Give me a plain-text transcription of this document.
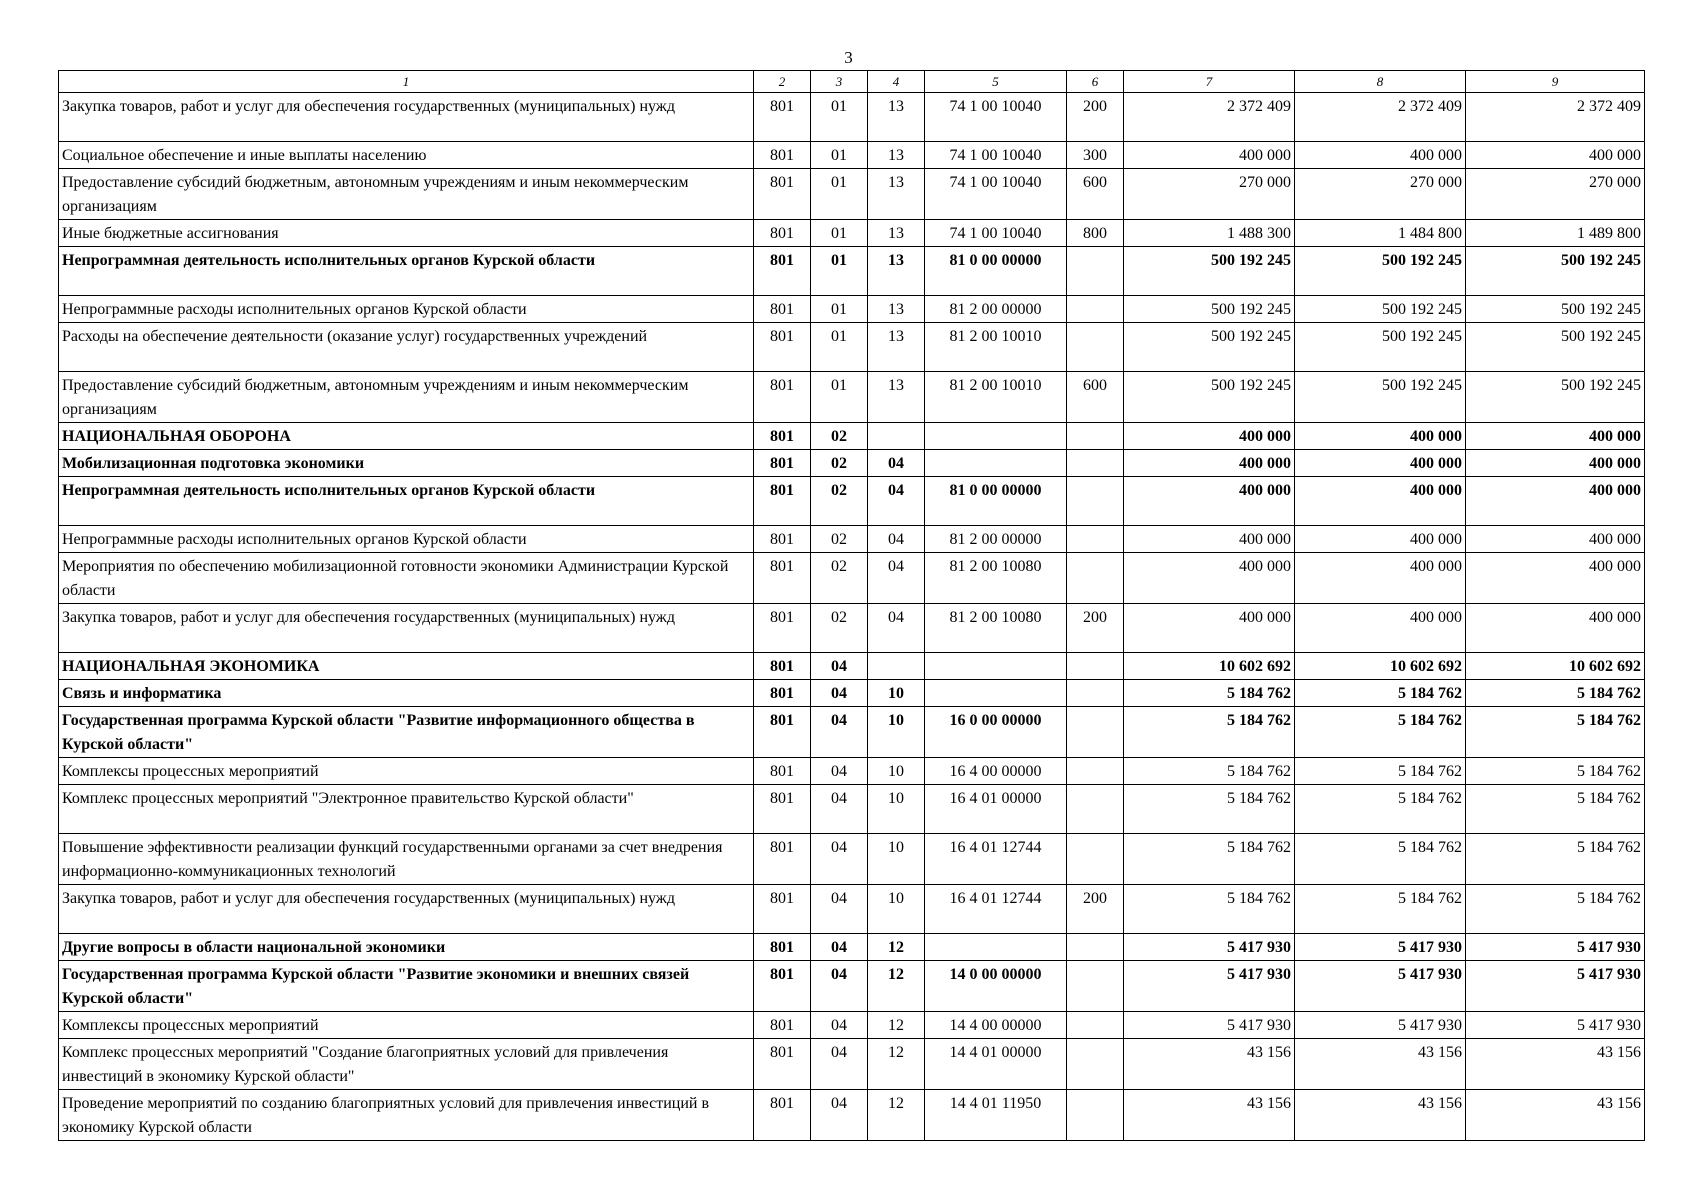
3
1	2	3	4	5	6	7	8	9
Закупка товаров, работ и услуг для обеспечения государственных (муниципальных) нужд	801	01	13	74 1 00 10040	200	2 372 409	2 372 409	2 372 409
Социальное обеспечение и иные выплаты населению	801	01	13	74 1 00 10040	300	400 000	400 000	400 000
Предоставление субсидий бюджетным, автономным учреждениям и иным некоммерческим организациям	801	01	13	74 1 00 10040	600	270 000	270 000	270 000
Иные бюджетные ассигнования	801	01	13	74 1 00 10040	800	1 488 300	1 484 800	1 489 800
Непрограммная деятельность исполнительных органов Курской области	801	01	13	81 0 00 00000		500 192 245	500 192 245	500 192 245
Непрограммные расходы исполнительных органов Курской области	801	01	13	81 2 00 00000		500 192 245	500 192 245	500 192 245
Расходы на обеспечение деятельности (оказание услуг) государственных учреждений	801	01	13	81 2 00 10010		500 192 245	500 192 245	500 192 245
Предоставление субсидий бюджетным, автономным учреждениям и иным некоммерческим организациям	801	01	13	81 2 00 10010	600	500 192 245	500 192 245	500 192 245
НАЦИОНАЛЬНАЯ ОБОРОНА	801	02				400 000	400 000	400 000
Мобилизационная подготовка экономики	801	02	04			400 000	400 000	400 000
Непрограммная деятельность исполнительных органов Курской области	801	02	04	81 0 00 00000		400 000	400 000	400 000
Непрограммные расходы исполнительных органов Курской области	801	02	04	81 2 00 00000		400 000	400 000	400 000
Мероприятия по обеспечению мобилизационной готовности экономики Администрации Курской области	801	02	04	81 2 00 10080		400 000	400 000	400 000
Закупка товаров, работ и услуг для обеспечения государственных (муниципальных) нужд	801	02	04	81 2 00 10080	200	400 000	400 000	400 000
НАЦИОНАЛЬНАЯ ЭКОНОМИКА	801	04				10 602 692	10 602 692	10 602 692
Связь и информатика	801	04	10			5 184 762	5 184 762	5 184 762
Государственная программа Курской области "Развитие информационного общества в Курской области"	801	04	10	16 0 00 00000		5 184 762	5 184 762	5 184 762
Комплексы процессных мероприятий	801	04	10	16 4 00 00000		5 184 762	5 184 762	5 184 762
Комплекс процессных мероприятий "Электронное правительство Курской области"	801	04	10	16 4 01 00000		5 184 762	5 184 762	5 184 762
Повышение эффективности реализации функций государственными органами за счет внедрения информационно-коммуникационных технологий	801	04	10	16 4 01 12744		5 184 762	5 184 762	5 184 762
Закупка товаров, работ и услуг для обеспечения государственных (муниципальных) нужд	801	04	10	16 4 01 12744	200	5 184 762	5 184 762	5 184 762
Другие вопросы в области национальной экономики	801	04	12			5 417 930	5 417 930	5 417 930
Государственная программа Курской области "Развитие экономики и внешних связей Курской области"	801	04	12	14 0 00 00000		5 417 930	5 417 930	5 417 930
Комплексы процессных мероприятий	801	04	12	14 4 00 00000		5 417 930	5 417 930	5 417 930
Комплекс процессных мероприятий "Создание благоприятных условий для привлечения инвестиций в экономику Курской области"	801	04	12	14 4 01 00000		43 156	43 156	43 156
Проведение мероприятий по созданию благоприятных условий для привлечения инвестиций в экономику Курской области	801	04	12	14 4 01 11950		43 156	43 156	43 156
